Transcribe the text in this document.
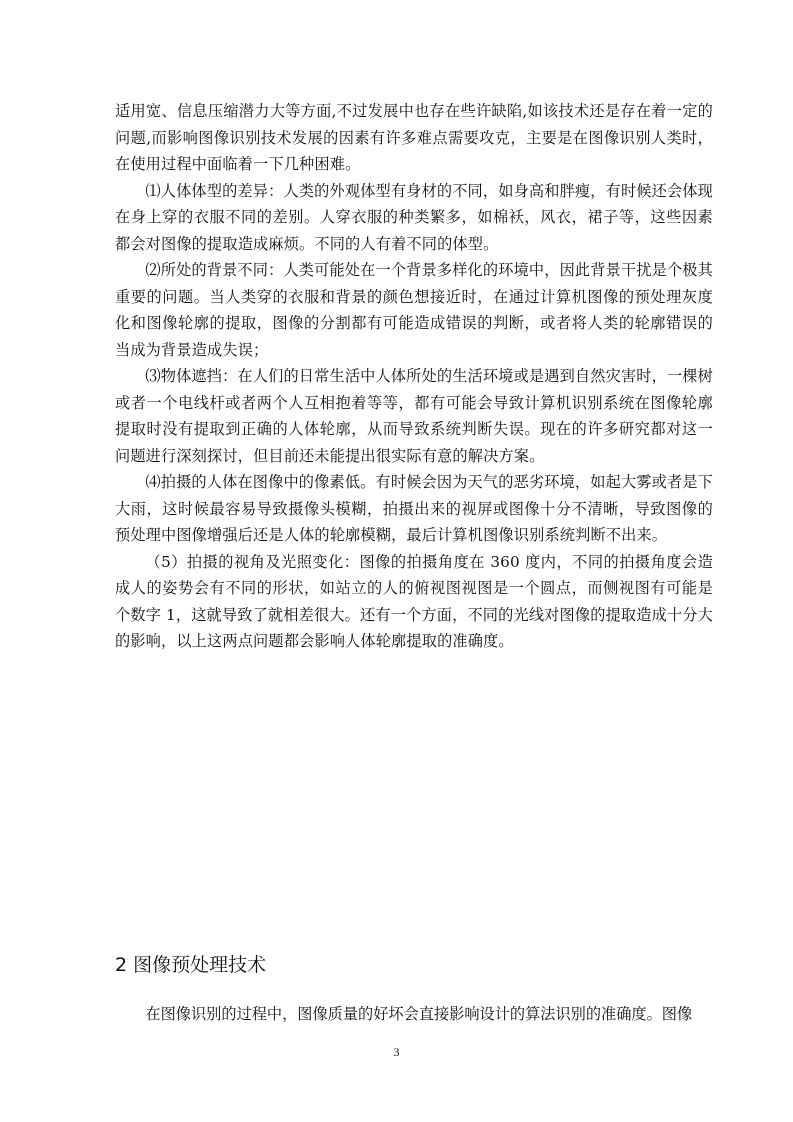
适用宽、信息压缩潜力大等方面,不过发展中也存在些许缺陷,如该技术还是存在着一定的问题,而影响图像识别技术发展的因素有许多难点需要攻克，主要是在图像识别人类时，在使用过程中面临着一下几种困难。

⑴人体体型的差异：人类的外观体型有身材的不同，如身高和胖瘦，有时候还会体现在身上穿的衣服不同的差别。人穿衣服的种类繁多，如棉袄，风衣，裙子等，这些因素都会对图像的提取造成麻烦。不同的人有着不同的体型。

⑵所处的背景不同：人类可能处在一个背景多样化的环境中，因此背景干扰是个极其重要的问题。当人类穿的衣服和背景的颜色想接近时，在通过计算机图像的预处理灰度化和图像轮廓的提取，图像的分割都有可能造成错误的判断，或者将人类的轮廓错误的当成为背景造成失误；

⑶物体遮挡：在人们的日常生活中人体所处的生活环境或是遇到自然灾害时，一棵树或者一个电线杆或者两个人互相抱着等等，都有可能会导致计算机识别系统在图像轮廓提取时没有提取到正确的人体轮廓，从而导致系统判断失误。现在的许多研究都对这一问题进行深刻探讨，但目前还未能提出很实际有意的解决方案。

⑷拍摄的人体在图像中的像素低。有时候会因为天气的恶劣环境，如起大雾或者是下大雨，这时候最容易导致摄像头模糊，拍摄出来的视屏或图像十分不清晰，导致图像的预处理中图像增强后还是人体的轮廓模糊，最后计算机图像识别系统判断不出来。

（5）拍摄的视角及光照变化：图像的拍摄角度在 360 度内，不同的拍摄角度会造成人的姿势会有不同的形状，如站立的人的俯视图视图是一个圆点，而侧视图有可能是个数字 1，这就导致了就相差很大。还有一个方面，不同的光线对图像的提取造成十分大的影响，以上这两点问题都会影响人体轮廓提取的准确度。

2 图像预处理技术

在图像识别的过程中，图像质量的好坏会直接影响设计的算法识别的准确度。图像

3
